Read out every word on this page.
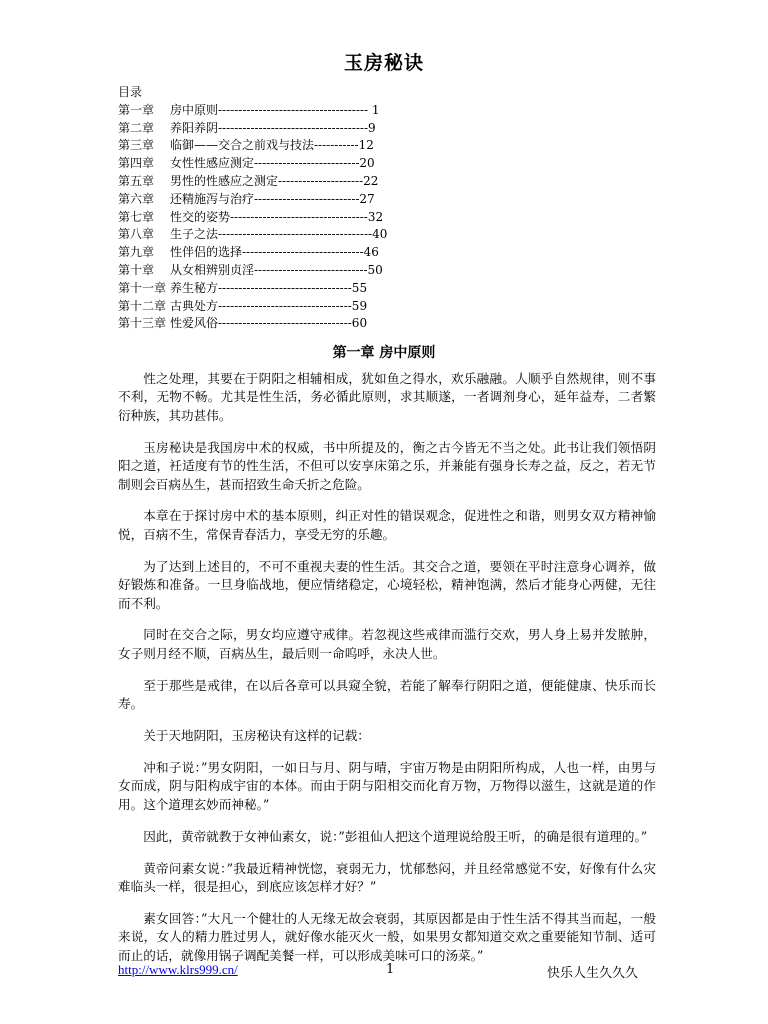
玉房秘诀
目录
第一章 房中原则------------------------------------- 1
第二章 养阳养阴-------------------------------------9
第三章 临御——交合之前戏与技法-----------12
第四章 女性性感应测定--------------------------20
第五章 男性的性感应之测定---------------------22
第六章 还精施泻与治疗--------------------------27
第七章 性交的姿势----------------------------------32
第八章 生子之法--------------------------------------40
第九章 性伴侣的选择------------------------------46
第十章 从女相辨别贞淫----------------------------50
第十一章 养生秘方---------------------------------55
第十二章 古典处方---------------------------------59
第十三章 性爱风俗---------------------------------60
第一章 房中原则

性之处理，其要在于阴阳之相辅相成，犹如鱼之得水，欢乐融融。人顺乎自然规律，则不事不利，无物不畅。尤其是性生活，务必循此原则，求其顺遂，一者调剂身心，延年益寿，二者繁衍种族，其功甚伟。

玉房秘诀是我国房中术的权威，书中所提及的，衡之古今皆无不当之处。此书让我们领悟阴阳之道，衽适度有节的性生活，不但可以安享床第之乐，并兼能有强身长寿之益，反之，若无节制则会百病丛生，甚而招致生命夭折之危险。

本章在于探讨房中术的基本原则，纠正对性的错误观念，促进性之和谐，则男女双方精神愉悦，百病不生，常保青春活力，享受无穷的乐趣。

为了达到上述目的，不可不重视夫妻的性生活。其交合之道，要领在平时注意身心调养，做好锻炼和准备。一旦身临战地，便应情绪稳定，心境轻松，精神饱满，然后才能身心两健，无往而不利。

同时在交合之际，男女均应遵守戒律。若忽视这些戒律而滥行交欢，男人身上易并发脓肿，女子则月经不顺，百病丛生，最后则一命呜呼，永决人世。

至于那些是戒律，在以后各章可以具窥全貌，若能了解奉行阴阳之道，便能健康、快乐而长寿。

关于天地阴阳，玉房秘诀有这样的记载：

冲和子说：”男女阴阳，一如日与月、阴与晴，宇宙万物是由阴阳所构成，人也一样，由男与女而成，阴与阳构成宇宙的本体。而由于阴与阳相交而化育万物，万物得以滋生，这就是道的作用。这个道理玄妙而神秘。”

因此，黄帝就教于女神仙素女，说：”彭祖仙人把这个道理说给殷王听，的确是很有道理的。”

黄帝问素女说：”我最近精神恍惚，衰弱无力，忧郁愁闷，并且经常感觉不安，好像有什么灾难临头一样，很是担心，到底应该怎样才好？”

素女回答：”大凡一个健壮的人无缘无故会衰弱，其原因都是由于性生活不得其当而起，一般来说，女人的精力胜过男人，就好像水能灭火一般，如果男女都知道交欢之重要能知节制、适可而止的话，就像用锅子调配美餐一样，可以形成美味可口的汤菜。”

http://www.klrs999.cn/	1	快乐人生久久久
